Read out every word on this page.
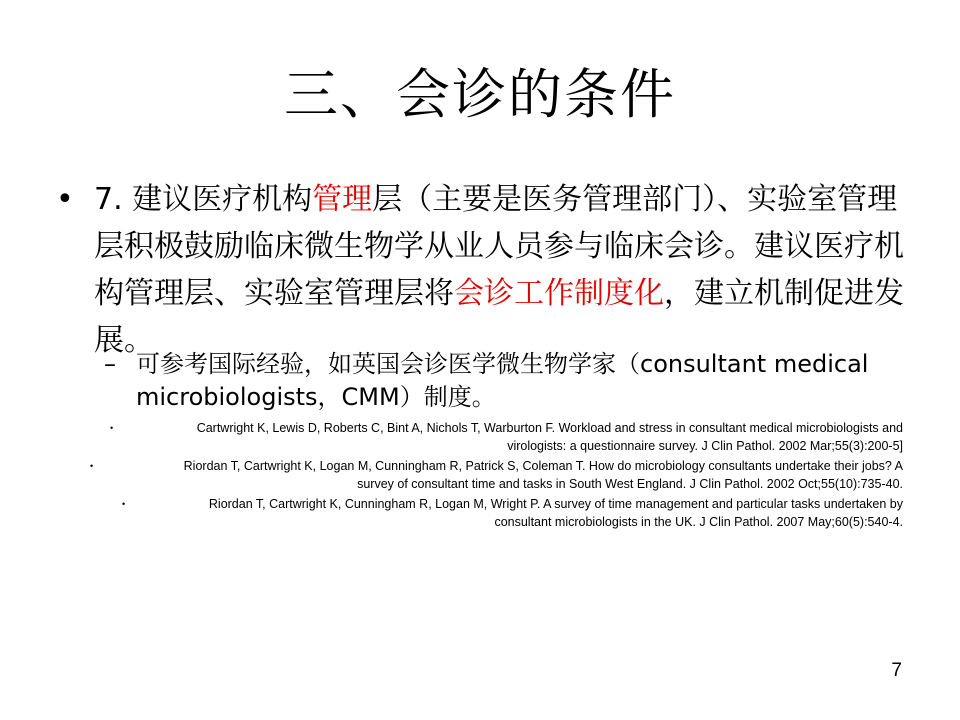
三、会诊的条件
• 7. 建议医疗机构管理层（主要是医务管理部门）、实验室管理层积极鼓励临床微生物学从业人员参与临床会诊。建议医疗机构管理层、实验室管理层将会诊工作制度化，建立机制促进发展。
– 可参考国际经验，如英国会诊医学微生物学家（consultant medical microbiologists，CMM）制度。
•	Cartwright K, Lewis D, Roberts C, Bint A, Nichols T, Warburton F. Workload and stress in consultant medical microbiologists and
virologists: a questionnaire survey. J Clin Pathol. 2002 Mar;55(3):200-5]
•	Riordan T, Cartwright K, Logan M, Cunningham R, Patrick S, Coleman T. How do microbiology consultants undertake their jobs? A
survey of consultant time and tasks in South West England. J Clin Pathol. 2002 Oct;55(10):735-40.
•	Riordan T, Cartwright K, Cunningham R, Logan M, Wright P. A survey of time management and particular tasks undertaken by
consultant microbiologists in the UK. J Clin Pathol. 2007 May;60(5):540-4.
7
